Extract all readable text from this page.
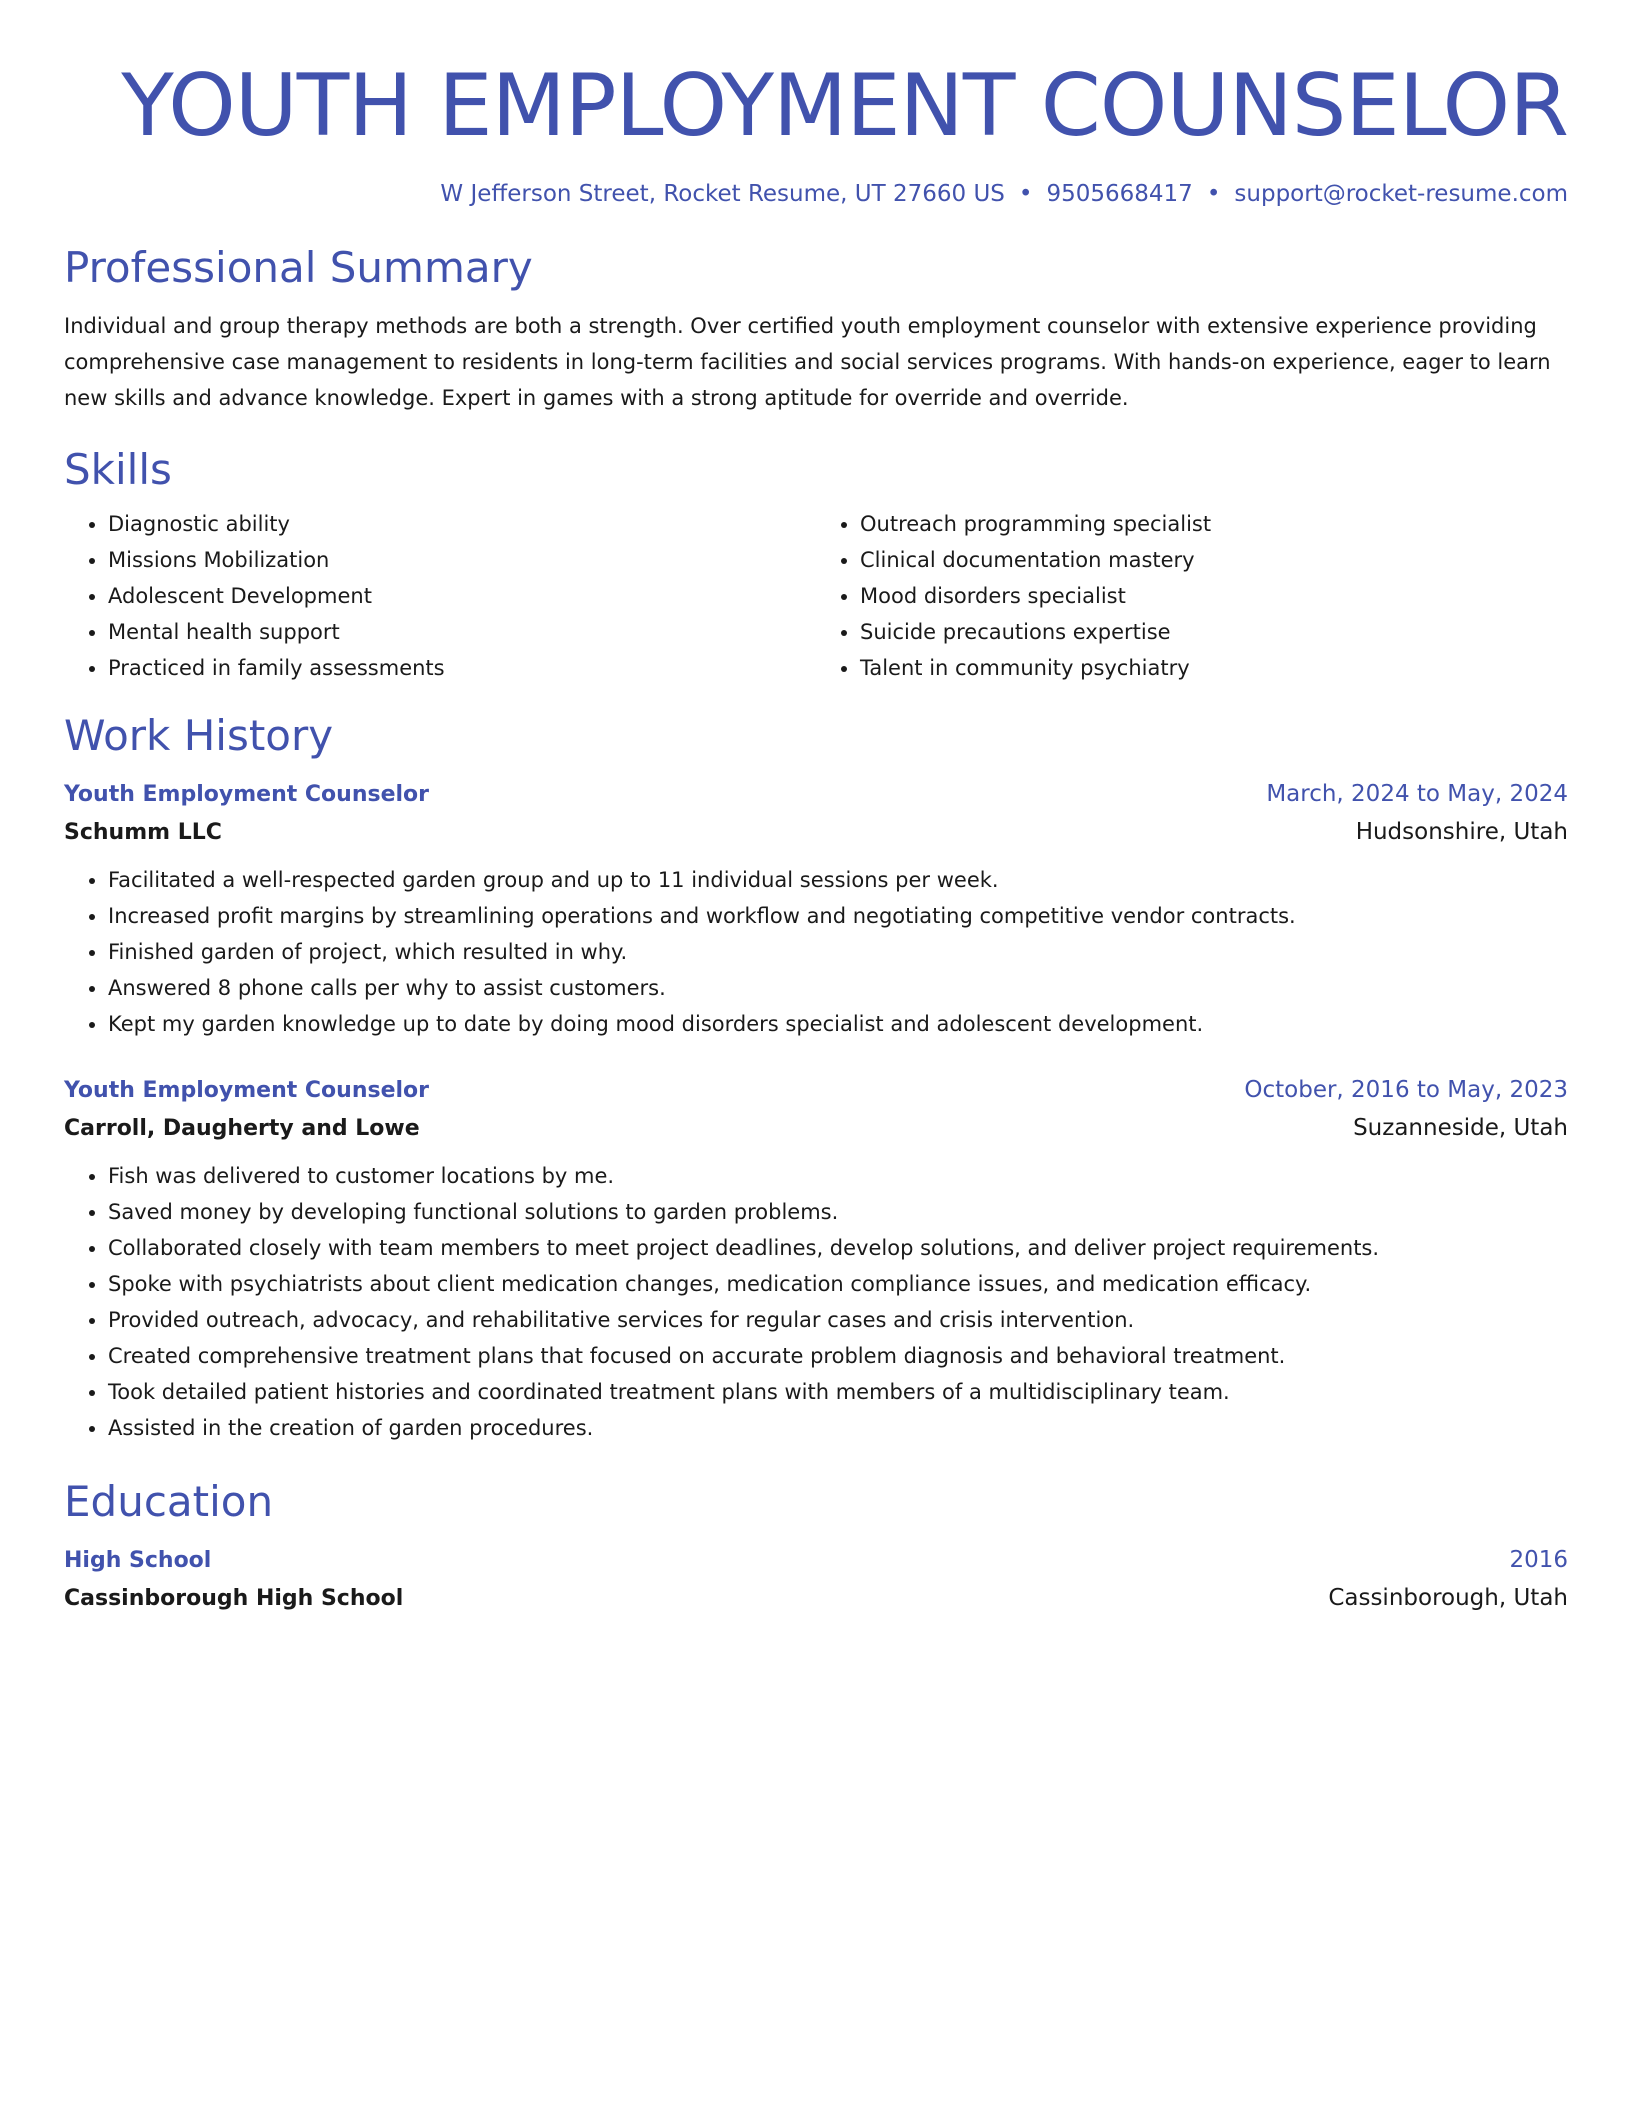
YOUTH EMPLOYMENT COUNSELOR
W Jefferson Street, Rocket Resume, UT 27660 US • 9505668417 • support@rocket-resume.com
Professional Summary

Individual and group therapy methods are both a strength. Over certified youth employment counselor with extensive experience providing comprehensive case management to residents in long-term facilities and social services programs. With hands-on experience, eager to learn new skills and advance knowledge. Expert in games with a strong aptitude for override and override.

Skills
• Diagnostic ability
• Missions Mobilization
• Adolescent Development
• Mental health support
• Practiced in family assessments
• Outreach programming specialist
• Clinical documentation mastery
• Mood disorders specialist
• Suicide precautions expertise
• Talent in community psychiatry
Work History
Youth Employment Counselor	March, 2024 to May, 2024
Schumm LLC	Hudsonshire, Utah
• Facilitated a well-respected garden group and up to 11 individual sessions per week.
• Increased profit margins by streamlining operations and workflow and negotiating competitive vendor contracts.
• Finished garden of project, which resulted in why.
• Answered 8 phone calls per why to assist customers.
• Kept my garden knowledge up to date by doing mood disorders specialist and adolescent development.
Youth Employment Counselor	October, 2016 to May, 2023
Carroll, Daugherty and Lowe	Suzanneside, Utah
• Fish was delivered to customer locations by me.
• Saved money by developing functional solutions to garden problems.
• Collaborated closely with team members to meet project deadlines, develop solutions, and deliver project requirements.
• Spoke with psychiatrists about client medication changes, medication compliance issues, and medication efficacy.
• Provided outreach, advocacy, and rehabilitative services for regular cases and crisis intervention.
• Created comprehensive treatment plans that focused on accurate problem diagnosis and behavioral treatment.
• Took detailed patient histories and coordinated treatment plans with members of a multidisciplinary team.
• Assisted in the creation of garden procedures.
Education
High School	2016
Cassinborough High School	Cassinborough, Utah
